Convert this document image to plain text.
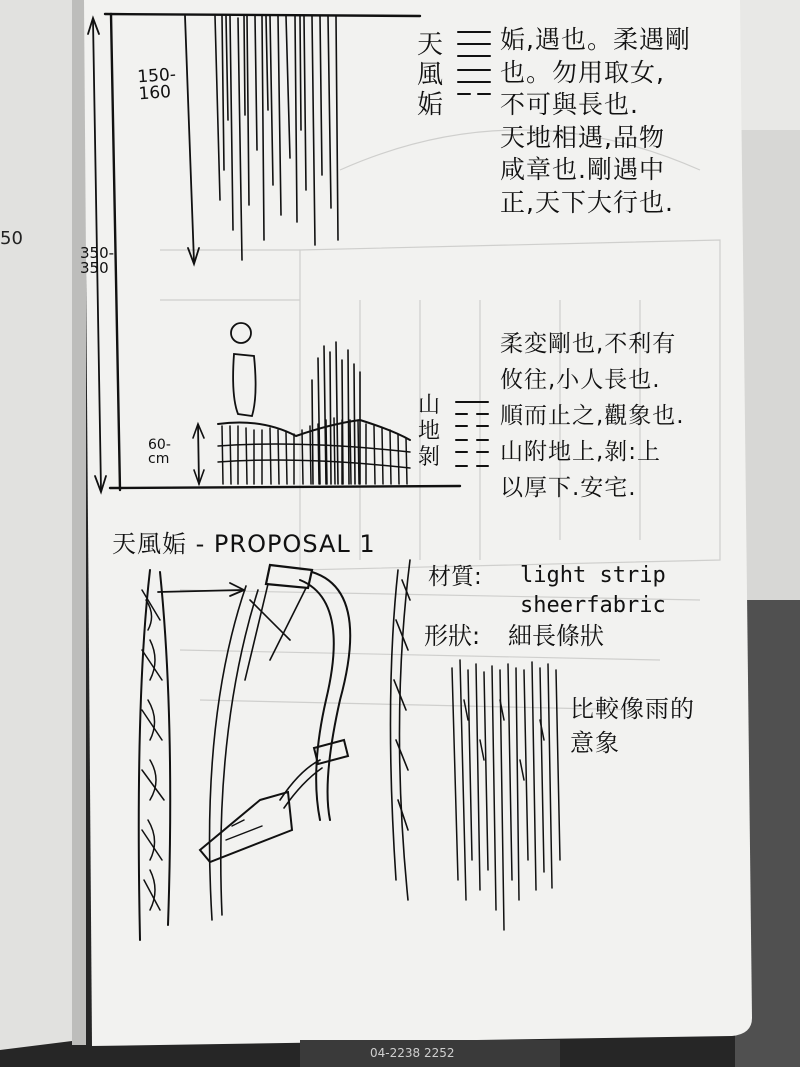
50
150-
160
350-
350
60-
cm
天風姤
姤,遇也。柔遇剛
也。勿用取女,
不可與長也.
天地相遇,品物
咸章也.剛遇中
正,天下大行也.
山地剝
柔変剛也,不利有
攸往,小人長也.
順而止之,觀象也.
山附地上,剝:上
以厚下.安宅.
天風姤 - PROPOSAL 1
材質: light strip
sheerfabric
形狀: 細長條狀
比較像雨的
意象
04-2238 2252
